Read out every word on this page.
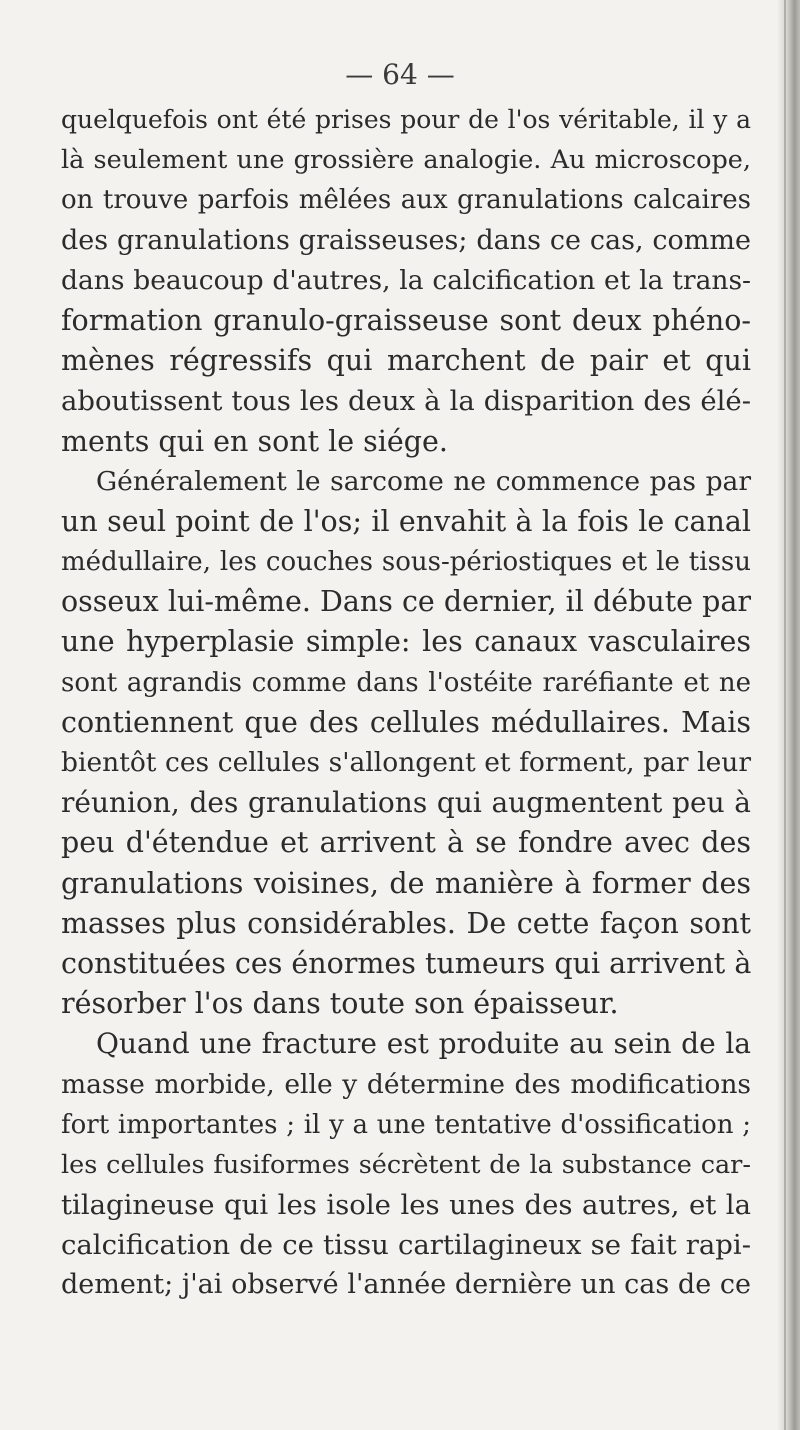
— 64 —
quelquefois ont été prises pour de l'os véritable, il y a
là seulement une grossière analogie. Au microscope,
on trouve parfois mêlées aux granulations calcaires
des granulations graisseuses; dans ce cas, comme
dans beaucoup d'autres, la calcification et la trans-
formation granulo-graisseuse sont deux phéno-
mènes régressifs qui marchent de pair et qui
aboutissent tous les deux à la disparition des élé-
ments qui en sont le siége.
Généralement le sarcome ne commence pas par
un seul point de l'os; il envahit à la fois le canal
médullaire, les couches sous-périostiques et le tissu
osseux lui-même. Dans ce dernier, il débute par
une hyperplasie simple: les canaux vasculaires
sont agrandis comme dans l'ostéite raréfiante et ne
contiennent que des cellules médullaires. Mais
bientôt ces cellules s'allongent et forment, par leur
réunion, des granulations qui augmentent peu à
peu d'étendue et arrivent à se fondre avec des
granulations voisines, de manière à former des
masses plus considérables. De cette façon sont
constituées ces énormes tumeurs qui arrivent à
résorber l'os dans toute son épaisseur.
Quand une fracture est produite au sein de la
masse morbide, elle y détermine des modifications
fort importantes ; il y a une tentative d'ossification ;
les cellules fusiformes sécrètent de la substance car-
tilagineuse qui les isole les unes des autres, et la
calcification de ce tissu cartilagineux se fait rapi-
dement; j'ai observé l'année dernière un cas de ce
